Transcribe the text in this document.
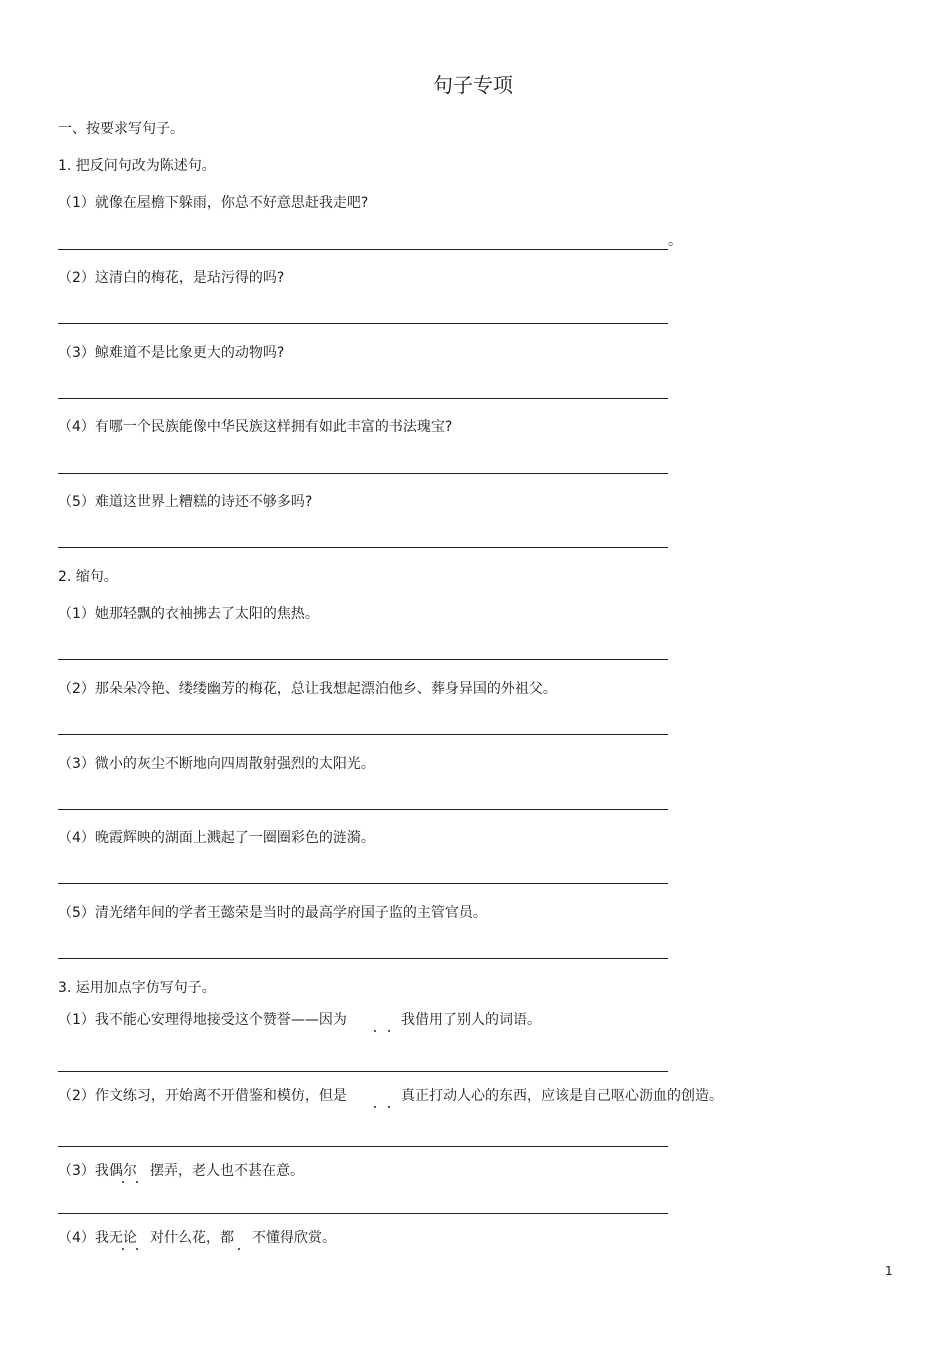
句子专项
一、按要求写句子。
1. 把反问句改为陈述句。
（1）就像在屋檐下躲雨，你总不好意思赶我走吧?
。
（2）这清白的梅花，是玷污得的吗?
（3）鲸难道不是比象更大的动物吗?
（4）有哪一个民族能像中华民族这样拥有如此丰富的书法瑰宝?
（5）难道这世界上糟糕的诗还不够多吗?
2. 缩句。
（1）她那轻飘的衣袖拂去了太阳的焦热。
（2）那朵朵冷艳、缕缕幽芳的梅花，总让我想起漂泊他乡、葬身异国的外祖父。
（3）微小的灰尘不断地向四周散射强烈的太阳光。
（4）晚霞辉映的湖面上溅起了一圈圈彩色的涟漪。
（5）清光绪年间的学者王懿荣是当时的最高学府国子监的主管官员。
3. 运用加点字仿写句子。
（1）我不能心安理得地接受这个赞誉——因为	我借用了别人的词语。
（2）作文练习，开始离不开借鉴和模仿，但是	真正打动人心的东西，应该是自己呕心沥血的创造。
（3）我偶尔 摆弄，老人也不甚在意。
（4）我无论 对什么花，都 不懂得欣赏。
1
